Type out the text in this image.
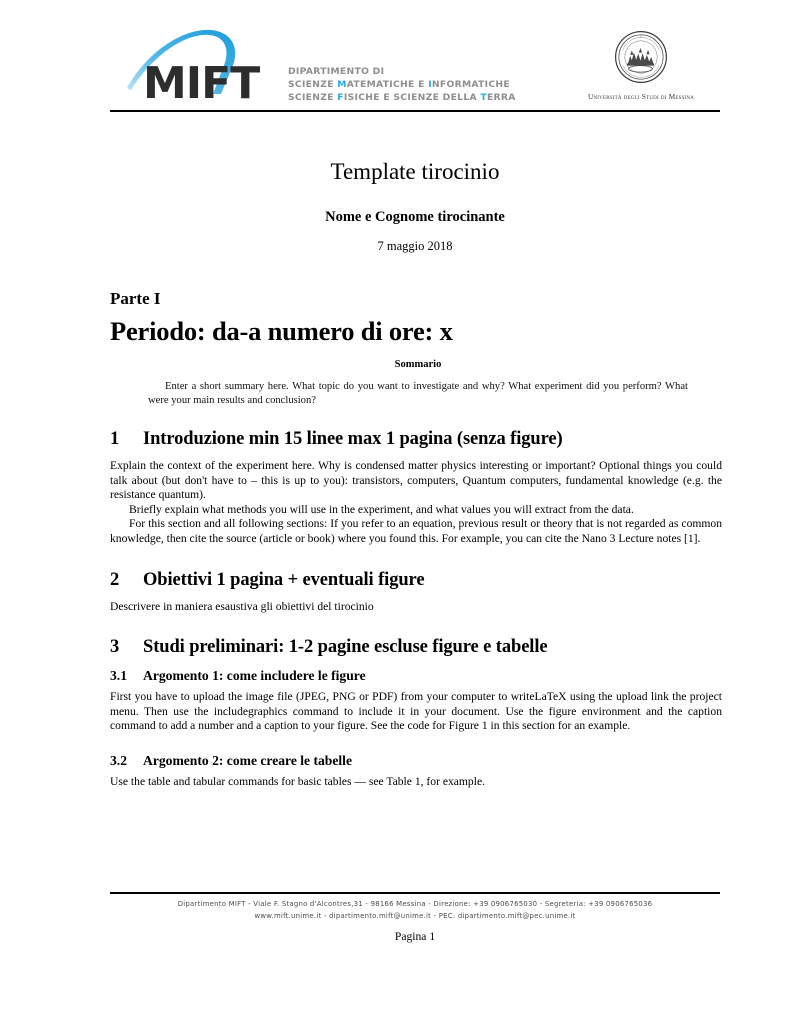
MIFT	DIPARTIMENTO DI
SCIENZE MATEMATICHE E INFORMATICHE
SCIENZE FISICHE E SCIENZE DELLA TERRA
I
Università degli Studi di Messina
Template tirocinio
Nome e Cognome tirocinante
7 maggio 2018
Parte I
Periodo: da-a numero di ore: x
Sommario
Enter a short summary here. What topic do you want to investigate and why? What experiment did you perform? What were your main results and conclusion?
1 Introduzione min 15 linee max 1 pagina (senza figure)

Explain the context of the experiment here. Why is condensed matter physics interesting or important? Optional things you could talk about (but don't have to – this is up to you): transistors, computers, Quantum computers, fundamental knowledge (e.g. the resistance quantum).

Briefly explain what methods you will use in the experiment, and what values you will extract from the data.

For this section and all following sections: If you refer to an equation, previous result or theory that is not regarded as common knowledge, then cite the source (article or book) where you found this. For example, you can cite the Nano 3 Lecture notes [1].

2 Obiettivi 1 pagina + eventuali figure

Descrivere in maniera esaustiva gli obiettivi del tirocinio

3 Studi preliminari: 1-2 pagine escluse figure e tabelle
3.1 Argomento 1: come includere le figure

First you have to upload the image file (JPEG, PNG or PDF) from your computer to writeLaTeX using the upload link the project menu. Then use the includegraphics command to include it in your document. Use the figure environment and the caption command to add a number and a caption to your figure. See the code for Figure 1 in this section for an example.

3.2 Argomento 2: come creare le tabelle

Use the table and tabular commands for basic tables — see Table 1, for example.

Dipartimento MIFT - Viale F. Stagno d'Alcontres,31 - 98166 Messina - Direzione: +39 0906765030 - Segreteria: +39 0906765036
www.mift.unime.it - dipartimento.mift@unime.it - PEC: dipartimento.mift@pec.unime.it
Pagina 1
